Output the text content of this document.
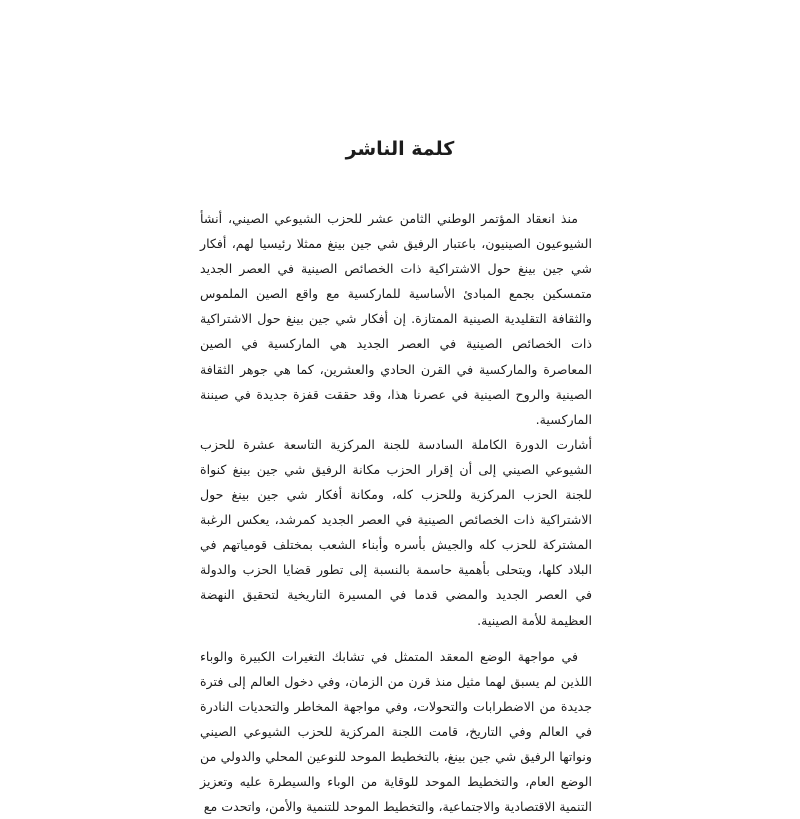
كلمة الناشر

منذ انعقاد المؤتمر الوطني الثامن عشر للحزب الشيوعي الصيني، أنشأ الشيوعيون الصينيون، باعتبار الرفيق شي جين بينغ ممثلا رئيسيا لهم، أفكار شي جين بينغ حول الاشتراكية ذات الخصائص الصينية في العصر الجديد متمسكين بجمع المبادئ الأساسية للماركسية مع واقع الصين الملموس والثقافة التقليدية الصينية الممتازة. إن أفكار شي جين بينغ حول الاشتراكية ذات الخصائص الصينية في العصر الجديد هي الماركسية في الصين المعاصرة والماركسية في القرن الحادي والعشرين، كما هي جوهر الثقافة الصينية والروح الصينية في عصرنا هذا، وقد حققت قفزة جديدة في صيننة الماركسية.

أشارت الدورة الكاملة السادسة للجنة المركزية التاسعة عشرة للحزب الشيوعي الصيني إلى أن إقرار الحزب مكانة الرفيق شي جين بينغ كنواة للجنة الحزب المركزية وللحزب كله، ومكانة أفكار شي جين بينغ حول الاشتراكية ذات الخصائص الصينية في العصر الجديد كمرشد، يعكس الرغبة المشتركة للحزب كله والجيش بأسره وأبناء الشعب بمختلف قومياتهم في البلاد كلها، ويتحلى بأهمية حاسمة بالنسبة إلى تطور قضايا الحزب والدولة في العصر الجديد والمضي قدما في المسيرة التاريخية لتحقيق النهضة العظيمة للأمة الصينية.

في مواجهة الوضع المعقد المتمثل في تشابك التغيرات الكبيرة والوباء اللذين لم يسبق لهما مثيل منذ قرن من الزمان، وفي دخول العالم إلى فترة جديدة من الاضطرابات والتحولات، وفي مواجهة المخاطر والتحديات النادرة في العالم وفي التاريخ، قامت اللجنة المركزية للحزب الشيوعي الصيني ونواتها الرفيق شي جين بينغ، بالتخطيط الموحد للنوعين المحلي والدولي من الوضع العام، والتخطيط الموحد للوقاية من الوباء والسيطرة عليه وتعزيز التنمية الاقتصادية والاجتماعية، والتخطيط الموحد للتنمية والأمن، واتحدت مع
